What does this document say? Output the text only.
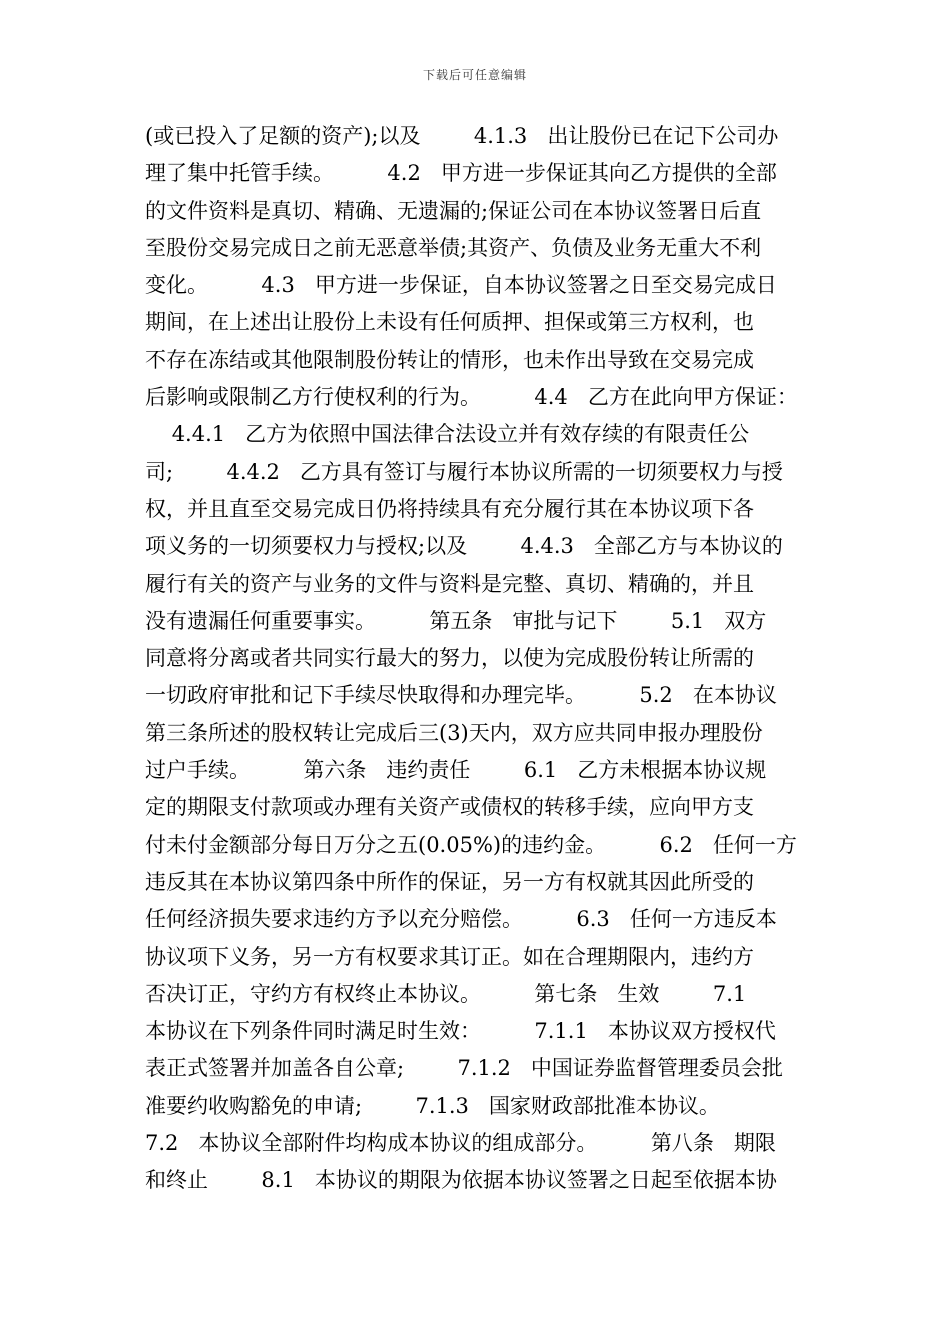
下载后可任意编辑
(或已投入了足额的资产);以及        4.1.3   出让股份已在记下公司办
理了集中托管手续。        4.2   甲方进一步保证其向乙方提供的全部
的文件资料是真切、精确、无遗漏的;保证公司在本协议签署日后直
至股份交易完成日之前无恶意举债;其资产、负债及业务无重大不利
变化。        4.3   甲方进一步保证，自本协议签署之日至交易完成日
期间，在上述出让股份上未设有任何质押、担保或第三方权利，也
不存在冻结或其他限制股份转让的情形，也未作出导致在交易完成
后影响或限制乙方行使权利的行为。        4.4   乙方在此向甲方保证：
4.4.1   乙方为依照中国法律合法设立并有效存续的有限责任公
司;        4.4.2   乙方具有签订与履行本协议所需的一切须要权力与授
权，并且直至交易完成日仍将持续具有充分履行其在本协议项下各
项义务的一切须要权力与授权;以及        4.4.3   全部乙方与本协议的
履行有关的资产与业务的文件与资料是完整、真切、精确的，并且
没有遗漏任何重要事实。        第五条   审批与记下        5.1   双方
同意将分离或者共同实行最大的努力，以使为完成股份转让所需的
一切政府审批和记下手续尽快取得和办理完毕。        5.2   在本协议
第三条所述的股权转让完成后三(3)天内，双方应共同申报办理股份
过户手续。        第六条   违约责任        6.1   乙方未根据本协议规
定的期限支付款项或办理有关资产或债权的转移手续，应向甲方支
付未付金额部分每日万分之五(0.05%)的违约金。        6.2   任何一方
违反其在本协议第四条中所作的保证，另一方有权就其因此所受的
任何经济损失要求违约方予以充分赔偿。        6.3   任何一方违反本
协议项下义务，另一方有权要求其订正。如在合理期限内，违约方
否决订正，守约方有权终止本协议。        第七条   生效        7.1
本协议在下列条件同时满足时生效：        7.1.1   本协议双方授权代
表正式签署并加盖各自公章;        7.1.2   中国证券监督管理委员会批
准要约收购豁免的申请;        7.1.3   国家财政部批准本协议。
7.2   本协议全部附件均构成本协议的组成部分。        第八条   期限
和终止        8.1   本协议的期限为依据本协议签署之日起至依据本协
